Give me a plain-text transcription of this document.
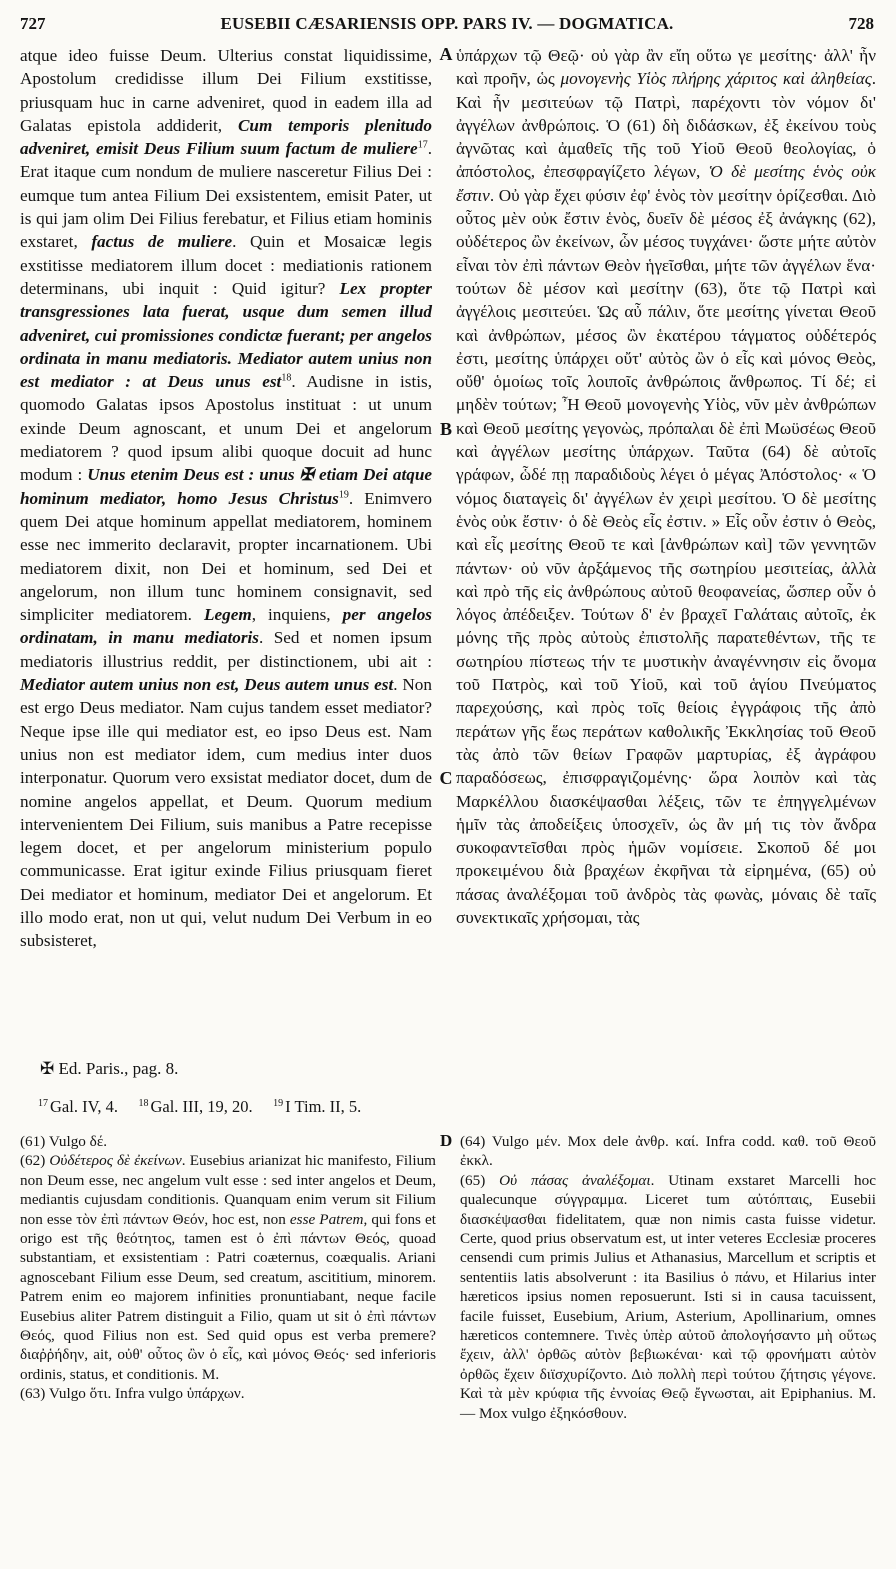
727	EUSEBII CÆSARIENSIS OPP. PARS IV. — DOGMATICA.	728

atque ideo fuisse Deum. Ulterius constat liquidissime, Apostolum credidisse illum Dei Filium exstitisse, priusquam huc in carne adveniret, quod in eadem illa ad Galatas epistola addiderit, Cum temporis plenitudo adveniret, emisit Deus Filium suum factum de muliere$^{17}$. Erat itaque cum nondum de muliere nasceretur Filius Dei : eumque tum antea Filium Dei exsistentem, emisit Pater, ut is qui jam olim Dei Filius ferebatur, et Filius etiam hominis exstaret, factus de muliere. Quin et Mosaicæ legis exstitisse mediatorem illum docet : mediationis rationem determinans, ubi inquit : Quid igitur? Lex propter transgressiones lata fuerat, usque dum semen illud adveniret, cui promissiones condictæ fuerant; per angelos ordinata in manu mediatoris. Mediator autem unius non est mediator : at Deus unus est$^{18}$. Audisne in istis, quomodo Galatas ipsos Apostolus instituat : ut unum exinde Deum agnoscant, et unum Dei et angelorum mediatorem ? quod ipsum alibi quoque docuit ad hunc modum : Unus etenim Deus est : unus ✠ etiam Dei atque hominum mediator, homo Jesus Christus$^{19}$. Enimvero quem Dei atque hominum appellat mediatorem, hominem esse nec immerito declaravit, propter incarnationem. Ubi mediatorem dixit, non Dei et hominum, sed Dei et angelorum, non illum tunc hominem consignavit, sed simpliciter mediatorem. Legem, inquiens, per angelos ordinatam, in manu mediatoris. Sed et nomen ipsum mediatoris illustrius reddit, per distinctionem, ubi ait : Mediator autem unius non est, Deus autem unus est. Non est ergo Deus mediator. Nam cujus tandem esset mediator? Neque ipse ille qui mediator est, eo ipso Deus est. Nam unius non est mediator idem, cum medius inter duos interponatur. Quorum vero exsistat mediator docet, dum de nomine angelos appellat, et Deum. Quorum medium intervenientem Dei Filium, suis manibus a Patre recepisse legem docet, et per angelorum ministerium populo communicasse. Erat igitur exinde Filius priusquam fieret Dei mediator et hominum, mediator Dei et angelorum. Et illo modo erat, non ut qui, velut nudum Dei Verbum in eo subsisteret,

ὑπάρχων τῷ Θεῷ· οὐ γὰρ ἂν εἴη οὕτω γε μεσίτης· ἀλλ' ἦν καὶ προῆν, ὡς μονογενὴς Υἱὸς πλήρης χάριτος καὶ ἀληθείας. Καὶ ἦν μεσιτεύων τῷ Πατρὶ, παρέχοντι τὸν νόμον δι' ἀγγέλων ἀνθρώποις. Ὁ (61) δὴ διδάσκων, ἐξ ἐκείνου τοὺς ἀγνῶτας καὶ ἀμαθεῖς τῆς τοῦ Υἱοῦ Θεοῦ θεολογίας, ὁ ἀπόστολος, ἐπεσφραγίζετο λέγων, Ὁ δὲ μεσίτης ἑνὸς οὐκ ἔστιν. Οὐ γὰρ ἔχει φύσιν ἐφ' ἑνὸς τὸν μεσίτην ὁρίζεσθαι. Διὸ οὗτος μὲν οὐκ ἔστιν ἑνὸς, δυεῖν δὲ μέσος ἐξ ἀνάγκης (62), οὐδέτερος ὢν ἐκείνων, ὧν μέσος τυγχάνει· ὥστε μήτε αὐτὸν εἶναι τὸν ἐπὶ πάντων Θεὸν ἡγεῖσθαι, μήτε τῶν ἀγγέλων ἕνα· τούτων δὲ μέσον καὶ μεσίτην (63), ὅτε τῷ Πατρὶ καὶ ἀγγέλοις μεσιτεύει. Ὡς αὖ πάλιν, ὅτε μεσίτης γίνεται Θεοῦ καὶ ἀνθρώπων, μέσος ὢν ἑκατέρου τάγματος οὐδέτερός ἐστι, μεσίτης ὑπάρχει οὔτ' αὐτὸς ὢν ὁ εἷς καὶ μόνος Θεὸς, οὔθ' ὁμοίως τοῖς λοιποῖς ἀνθρώποις ἄνθρωπος. Τί δέ; εἰ μηδὲν τούτων; Ἦ Θεοῦ μονογενὴς Υἱὸς, νῦν μὲν ἀνθρώπων καὶ Θεοῦ μεσίτης γεγονὼς, πρόπαλαι δὲ ἐπὶ Μωϋσέως Θεοῦ καὶ ἀγγέλων μεσίτης ὑπάρχων. Ταῦτα (64) δὲ αὐτοῖς γράφων, ὧδέ πῃ παραδιδοὺς λέγει ὁ μέγας Ἀπόστολος· « Ὁ νόμος διαταγεὶς δι' ἀγγέλων ἐν χειρὶ μεσίτου. Ὁ δὲ μεσίτης ἑνὸς οὐκ ἔστιν· ὁ δὲ Θεὸς εἷς ἐστιν. » Εἷς οὖν ἐστιν ὁ Θεὸς, καὶ εἷς μεσίτης Θεοῦ τε καὶ [ἀνθρώπων καὶ] τῶν γεννητῶν πάντων· οὐ νῦν ἀρξάμενος τῆς σωτηρίου μεσιτείας, ἀλλὰ καὶ πρὸ τῆς εἰς ἀνθρώπους αὐτοῦ θεοφανείας, ὥσπερ οὖν ὁ λόγος ἀπέδειξεν. Τούτων δ' ἐν βραχεῖ Γαλάταις αὐτοῖς, ἐκ μόνης τῆς πρὸς αὐτοὺς ἐπιστολῆς παρατεθέντων, τῆς τε σωτηρίου πίστεως τήν τε μυστικὴν ἀναγέννησιν εἰς ὄνομα τοῦ Πατρὸς, καὶ τοῦ Υἱοῦ, καὶ τοῦ ἁγίου Πνεύματος παρεχούσης, καὶ πρὸς τοῖς θείοις ἐγγράφοις τῆς ἀπὸ περάτων γῆς ἕως περάτων καθολικῆς Ἐκκλησίας τοῦ Θεοῦ τὰς ἀπὸ τῶν θείων Γραφῶν μαρτυρίας, ἐξ ἀγράφου παραδόσεως, ἐπισφραγιζομένης· ὥρα λοιπὸν καὶ τὰς Μαρκέλλου διασκέψασθαι λέξεις, τῶν τε ἐπηγγελμένων ἡμῖν τὰς ἀποδείξεις ὑποσχεῖν, ὡς ἂν μή τις τὸν ἄνδρα συκοφαντεῖσθαι πρὸς ἡμῶν νομίσειε. Σκοποῦ δέ μοι προκειμένου διὰ βραχέων ἐκφῆναι τὰ εἰρημένα, (65) οὐ πάσας ἀναλέξομαι τοῦ ἀνδρὸς τὰς φωνὰς, μόναις δὲ ταῖς συνεκτικαῖς χρήσομαι, τὰς

A
B
C
✠ Ed. Paris., pag. 8.
$^{17}$ Gal. IV, 4. $^{18}$ Gal. III, 19, 20. $^{19}$ I Tim. II, 5.
D

(61) Vulgo δέ.

(62) Οὐδέτερος δὲ ἐκείνων. Eusebius arianizat hic manifesto, Filium non Deum esse, nec angelum vult esse : sed inter angelos et Deum, mediantis cujusdam conditionis. Quanquam enim verum sit Filium non esse τὸν ἐπὶ πάντων Θεόν, hoc est, non esse Patrem, qui fons et origo est τῆς θεότητος, tamen est ὁ ἐπὶ πάντων Θεός, quoad substantiam, et exsistentiam : Patri coæternus, coæqualis. Ariani agnoscebant Filium esse Deum, sed creatum, ascititium, minorem. Patrem enim eo majorem infinities pronuntiabant, neque facile Eusebius aliter Patrem distinguit a Filio, quam ut sit ὁ ἐπὶ πάντων Θεός, quod Filius non est. Sed quid opus est verba premere? διαῤῥήδην, ait, οὐθ' οὗτος ὢν ὁ εἷς, καὶ μόνος Θεός· sed inferioris ordinis, status, et conditionis. M.

(63) Vulgo ὅτι. Infra vulgo ὑπάρχων.

(64) Vulgo μέν. Mox dele ἀνθρ. καί. Infra codd. καθ. τοῦ Θεοῦ ἐκκλ.

(65) Οὐ πάσας ἀναλέξομαι. Utinam exstaret Marcelli hoc qualecunque σύγγραμμα. Liceret tum αὐτόπταις, Eusebii διασκέψασθαι fidelitatem, quæ non nimis casta fuisse videtur. Certe, quod prius observatum est, ut inter veteres Ecclesiæ proceres censendi cum primis Julius et Athanasius, Marcellum et scriptis et sententiis latis absolverunt : ita Basilius ὁ πάνυ, et Hilarius inter hæreticos ipsius nomen reposuerunt. Isti si in causa tacuissent, facile fuisset, Eusebium, Arium, Asterium, Apollinarium, omnes hæreticos contemnere. Τινὲς ὑπὲρ αὐτοῦ ἀπολογήσαντο μὴ οὕτως ἔχειν, ἀλλ' ὀρθῶς αὐτὸν βεβιωκέναι· καὶ τῷ φρονήματι αὐτὸν ὀρθῶς ἔχειν διϊσχυρίζοντο. Διὸ πολλὴ περὶ τούτου ζήτησις γέγονε. Καὶ τὰ μὲν κρύφια τῆς ἐννοίας Θεῷ ἔγνωσται, ait Epiphanius. M. — Mox vulgo ἐξηκόσθουν.
